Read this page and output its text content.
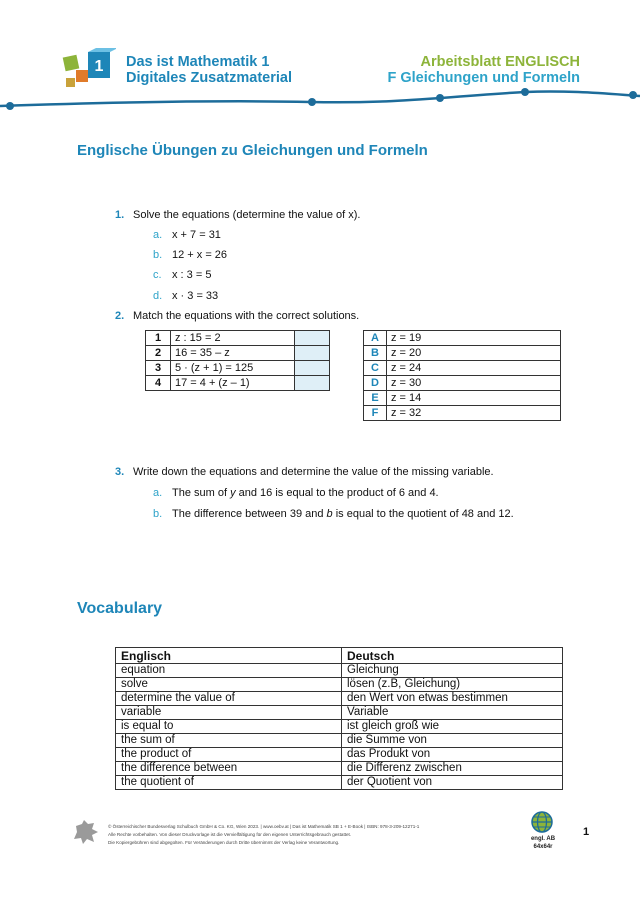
1 Das ist Mathematik 1
Digitales Zusatzmaterial
Arbeitsblatt ENGLISCH
F Gleichungen und Formeln
Englische Übungen zu Gleichungen und Formeln
1. Solve the equations (determine the value of x).
a. x + 7 = 31
b. 12 + x = 26
c. x : 3 = 5
d. x · 3 = 33
2. Match the equations with the correct solutions.
1	z : 15 = 2	
2	16 = 35 – z	
3	5 · (z + 1) = 125	
4	17 = 4 + (z – 1)	
A	z = 19
B	z = 20
C	z = 24
D	z = 30
E	z = 14
F	z = 32
3. Write down the equations and determine the value of the missing variable.
a. The sum of y and 16 is equal to the product of 6 and 4.
b. The difference between 39 and b is equal to the quotient of 48 and 12.
Vocabulary
Englisch	Deutsch
equation	Gleichung
solve	lösen (z.B, Gleichung)
determine the value of	den Wert von etwas bestimmen
variable	Variable
is equal to	ist gleich groß wie
the sum of	die Summe von
the product of	das Produkt von
the difference between	die Differenz zwischen
the quotient of	der Quotient von
© Österreichischer Bundesverlag Schulbuch GmbH & Co. KG, Wien 2023. | www.oebv.at | Das ist Mathematik SB 1 + E-Book | ISBN: 978-3-209-12271-1
Alle Rechte vorbehalten. Von dieser Druckvorlage ist die Vervielfältigung für den eigenen Unterrichtsgebrauch gestattet.
Die Kopiergebühren sind abgegolten. Für Veränderungen durch Dritte übernimmt der Verlag keine Verantwortung.
engl. AB
64x64r
1
